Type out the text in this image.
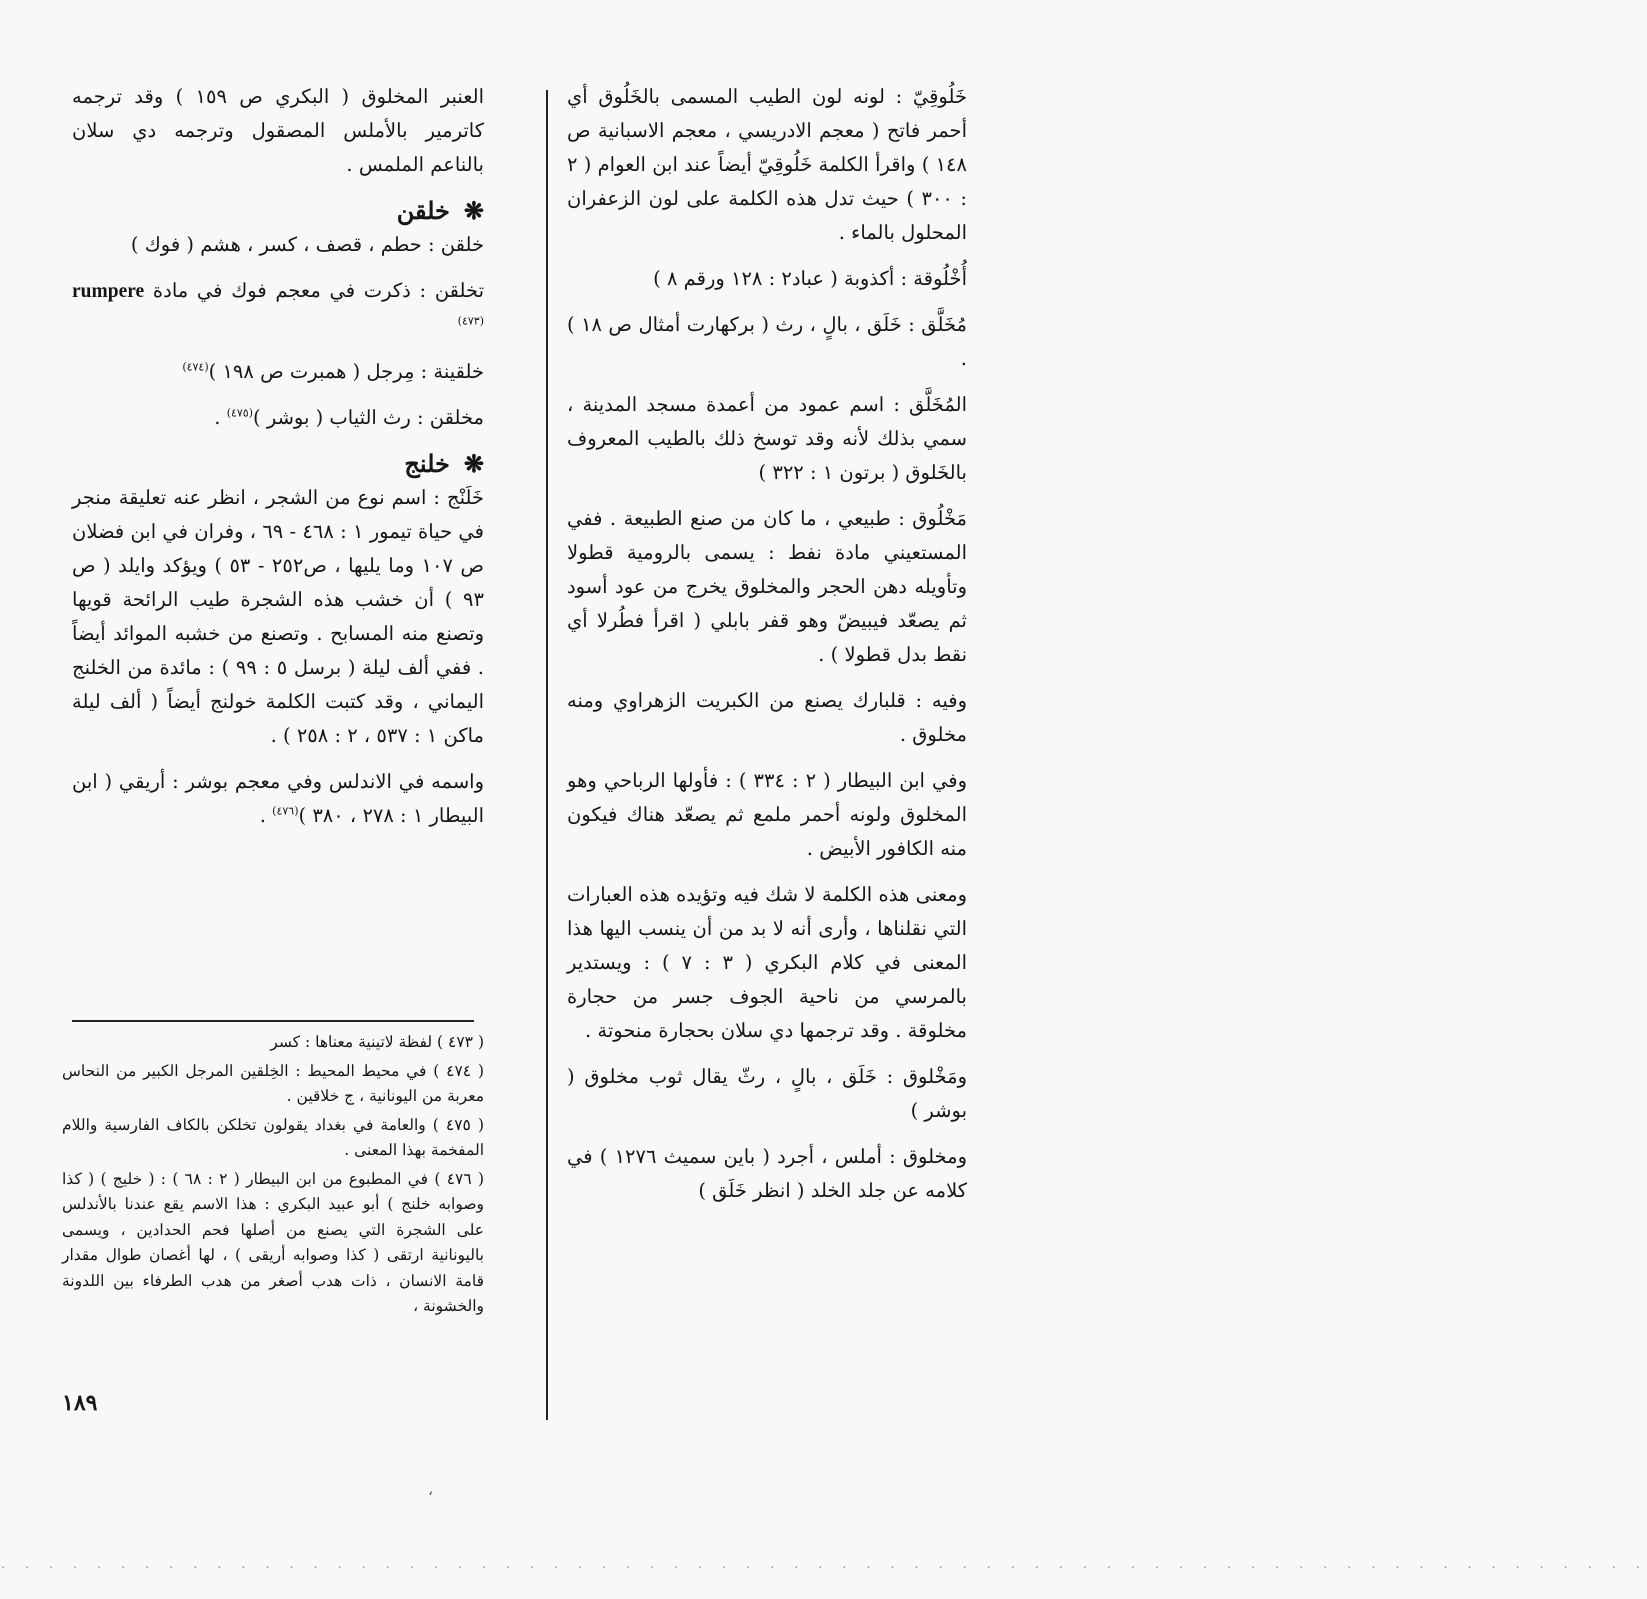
خَلُوقِيّ : لونه لون الطيب المسمى بالخَلُوق أي أحمر فاتح ( معجم الادريسي ، معجم الاسبانية ص ١٤٨ ) واقرأ الكلمة خَلُوقِيّ أيضاً عند ابن العوام ( ٢ : ٣٠٠ ) حيث تدل هذه الكلمة على لون الزعفران المحلول بالماء .

أُخْلُوقة : أكذوبة ( عباد٢ : ١٢٨ ورقم ٨ )

مُخَلَّق : خَلَق ، بالٍ ، رث ( بركهارت أمثال ص ١٨ ) .

المُخَلَّق : اسم عمود من أعمدة مسجد المدينة ، سمي بذلك لأنه وقد توسخ ذلك بالطيب المعروف بالخَلوق ( برتون ١ : ٣٢٢ )

مَخْلُوق : طبيعي ، ما كان من صنع الطبيعة . ففي المستعيني مادة نفط : يسمى بالرومية قطولا وتأويله دهن الحجر والمخلوق يخرج من عود أسود ثم يصعّد فيبيضّ وهو قفر بابلي ( اقرأ فطُرلا أي نقط بدل قطولا ) .

وفيه : قلبارك يصنع من الكبريت الزهراوي ومنه مخلوق .

وفي ابن البيطار ( ٢ : ٣٣٤ ) : فأولها الرباحي وهو المخلوق ولونه أحمر ملمع ثم يصعّد هناك فيكون منه الكافور الأبيض .

ومعنى هذه الكلمة لا شك فيه وتؤيده هذه العبارات التي نقلناها ، وأرى أنه لا بد من أن ينسب اليها هذا المعنى في كلام البكري ( ٣ : ٧ ) : ويستدير بالمرسي من ناحية الجوف جسر من حجارة مخلوقة . وقد ترجمها دي سلان بحجارة منحوتة .

ومَخْلوق : خَلَق ، بالٍ ، رثّ يقال ثوب مخلوق ( بوشر )

ومخلوق : أملس ، أجرد ( باين سميث ١٢٧٦ ) في كلامه عن جلد الخلد ( انظر خَلَق )

العنبر المخلوق ( البكري ص ١٥٩ ) وقد ترجمه كاترمير بالأملس المصقول وترجمه دي سلان بالناعم الملمس .

❋خلقن

خلقن : حطم ، قصف ، كسر ، هشم ( فوك )

تخلقن : ذكرت في معجم فوك في مادة rumpere $^{(٤٧٣)}$

خلقينة : مِرجل ( همبرت ص ١٩٨ )$^{(٤٧٤)}$

مخلقن : رث الثياب ( بوشر )$^{(٤٧٥)}$ .

❋خلنج

خَلَنْج : اسم نوع من الشجر ، انظر عنه تعليقة منجر في حياة تيمور ١ : ٤٦٨ - ٦٩ ، وفران في ابن فضلان ص ١٠٧ وما يليها ، ص٢٥٢ - ٥٣ ) ويؤكد وايلد ( ص ٩٣ ) أن خشب هذه الشجرة طيب الرائحة قويها وتصنع منه المسابح . وتصنع من خشبه الموائد أيضاً . ففي ألف ليلة ( برسل ٥ : ٩٩ ) : مائدة من الخلنج اليماني ، وقد كتبت الكلمة خولنج أيضاً ( ألف ليلة ماكن ١ : ٥٣٧ ، ٢ : ٢٥٨ ) .

واسمه في الاندلس وفي معجم بوشر : أريقي ( ابن البيطار ١ : ٢٧٨ ، ٣٨٠ )$^{(٤٧٦)}$ .

( ٤٧٣ ) لفظة لاتينية معناها : كسر

( ٤٧٤ ) في محيط المحيط : الخِلقين المرجل الكبير من النحاس معربة من اليونانية ، ج خلاقين .

( ٤٧٥ ) والعامة في بغداد يقولون تخلكن بالكاف الفارسية واللام المفخمة بهذا المعنى .

( ٤٧٦ ) في المطبوع من ابن البيطار ( ٢ : ٦٨ ) : ( خليج ) ( كذا وصوابه خلنج ) أبو عبيد البكري : هذا الاسم يقع عندنا بالأندلس على الشجرة التي يصنع من أصلها فحم الحدادين ، ويسمى باليونانية ارتقى ( كذا وصوابه أريقى ) ، لها أغصان طوال مقدار قامة الانسان ، ذات هدب أصغر من هدب الطرفاء بين اللدونة والخشونة ،

١٨٩
‘
. . . . . . . . . . . . . . . . . . . . . . . . . . . . . . . . . . . . . . . . . . . . . . . . . . . . . . . . . . . . . . . . . . . . .
